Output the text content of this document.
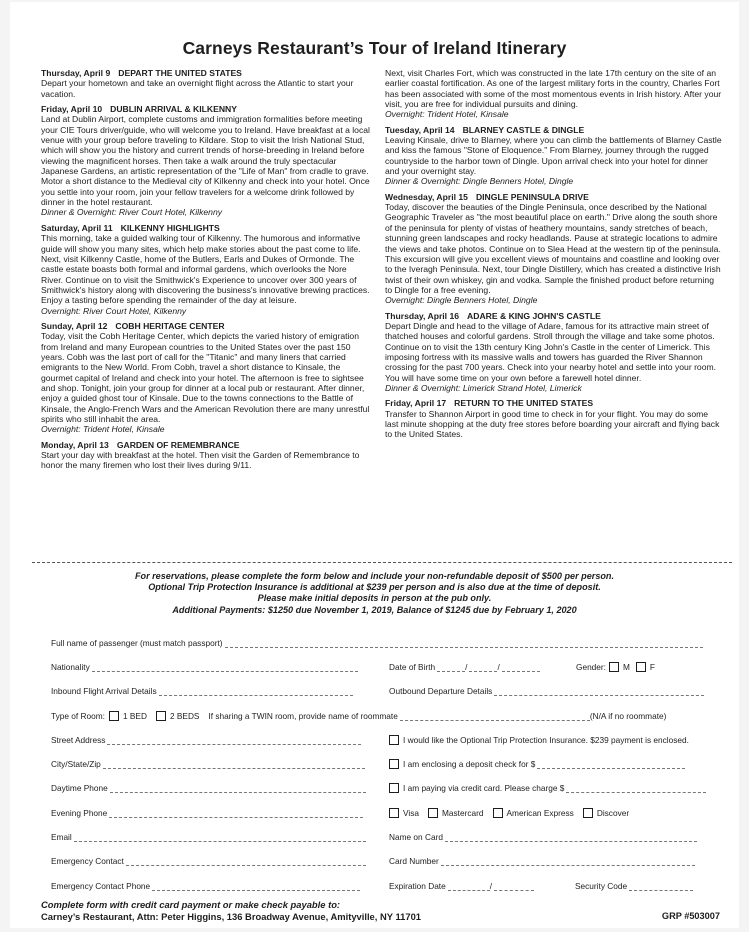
Carneys Restaurant’s Tour of Ireland Itinerary
Thursday, April 9 DEPART THE UNITED STATES

Depart your hometown and take an overnight flight across the Atlantic to start your vacation.

Friday, April 10 DUBLIN ARRIVAL & KILKENNY

Land at Dublin Airport, complete customs and immigration formalities before meeting your CIE Tours driver/guide, who will welcome you to Ireland. Have breakfast at a local venue with your group before traveling to Kildare. Stop to visit the Irish National Stud, which will show you the history and current trends of horse-breeding in Ireland before viewing the magnificent horses. Then take a walk around the truly spectacular Japanese Gardens, an artistic representation of the "Life of Man" from cradle to grave. Motor a short distance to the Medieval city of Kilkenny and check into your hotel. Once you settle into your room, join your fellow travelers for a welcome drink followed by dinner in the hotel restaurant.

Dinner & Overnight: River Court Hotel, Kilkenny
Saturday, April 11 KILKENNY HIGHLIGHTS

This morning, take a guided walking tour of Kilkenny. The humorous and informative guide will show you many sites, which help make stories about the past come to life. Next, visit Kilkenny Castle, home of the Butlers, Earls and Dukes of Ormonde. The castle estate boasts both formal and informal gardens, which overlooks the Nore River. Continue on to visit the Smithwick's Experience to uncover over 300 years of Smithwick's history along with discovering the business's innovative brewing practices. Enjoy a tasting before spending the remainder of the day at leisure.

Overnight: River Court Hotel, Kilkenny
Sunday, April 12 COBH HERITAGE CENTER

Today, visit the Cobh Heritage Center, which depicts the varied history of emigration from Ireland and many European countries to the United States over the past 150 years. Cobh was the last port of call for the "Titanic" and many liners that carried emigrants to the New World. From Cobh, travel a short distance to Kinsale, the gourmet capital of Ireland and check into your hotel. The afternoon is free to sightsee and shop. Tonight, join your group for dinner at a local pub or restaurant. After dinner, enjoy a guided ghost tour of Kinsale. Due to the towns connections to the Battle of Kinsale, the Anglo-French Wars and the American Revolution there are many unrestful spirits who still inhabit the area.

Overnight: Trident Hotel, Kinsale
Monday, April 13 GARDEN OF REMEMBRANCE

Start your day with breakfast at the hotel. Then visit the Garden of Remembrance to honor the many firemen who lost their lives during 9/11.

Next, visit Charles Fort, which was constructed in the late 17th century on the site of an earlier coastal fortification. As one of the largest military forts in the country, Charles Fort has been associated with some of the most momentous events in Irish history. After your visit, you are free for individual pursuits and dining.

Overnight: Trident Hotel, Kinsale
Tuesday, April 14 BLARNEY CASTLE & DINGLE

Leaving Kinsale, drive to Blarney, where you can climb the battlements of Blarney Castle and kiss the famous "Stone of Eloquence." From Blarney, journey through the rugged countryside to the harbor town of Dingle. Upon arrival check into your hotel for dinner and your overnight stay.

Dinner & Overnight: Dingle Benners Hotel, Dingle
Wednesday, April 15 DINGLE PENINSULA DRIVE

Today, discover the beauties of the Dingle Peninsula, once described by the National Geographic Traveler as "the most beautiful place on earth." Drive along the south shore of the peninsula for plenty of vistas of heathery mountains, sandy stretches of beach, stunning green landscapes and rocky headlands. Pause at strategic locations to admire the views and take photos. Continue on to Slea Head at the western tip of the peninsula. This excursion will give you excellent views of mountains and coastline and looking over to the Iveragh Peninsula. Next, tour Dingle Distillery, which has created a distinctive Irish twist of their own whiskey, gin and vodka. Sample the finished product before returning to Dingle for a free evening.

Overnight: Dingle Benners Hotel, Dingle
Thursday, April 16 ADARE & KING JOHN'S CASTLE

Depart Dingle and head to the village of Adare, famous for its attractive main street of thatched houses and colorful gardens. Stroll through the village and take some photos. Continue on to visit the 13th century King John's Castle in the center of Limerick. This imposing fortress with its massive walls and towers has guarded the River Shannon crossing for the past 700 years. Check into your nearby hotel and settle into your room. You will have some time on your own before a farewell hotel dinner.

Dinner & Overnight: Limerick Strand Hotel, Limerick
Friday, April 17 RETURN TO THE UNITED STATES

Transfer to Shannon Airport in good time to check in for your flight. You may do some last minute shopping at the duty free stores before boarding your aircraft and flying back to the United States.

For reservations, please complete the form below and include your non-refundable deposit of $500 per person.
Optional Trip Protection Insurance is additional at $239 per person and is also due at the time of deposit.
Please make initial deposits in person at the pub only.
Additional Payments: $1250 due November 1, 2019, Balance of $1245 due by February 1, 2020
Full name of passenger (must match passport)
Nationality	Date of Birth	/	/	Gender: M F
Inbound Flight Arrival Details	Outbound Departure Details
Type of Room: 1 BED	2 BEDS If sharing a TWIN room, provide name of roommate	(N/A if no roommate)
Street Address	I would like the Optional Trip Protection Insurance. $239 payment is enclosed.
City/State/Zip	I am enclosing a deposit check for $
Daytime Phone	I am paying via credit card. Please charge $
Evening Phone	Visa	Mastercard	American Express	Discover
Email	Name on Card
Emergency Contact	Card Number
Emergency Contact Phone	Expiration Date	/	Security Code
Complete form with credit card payment or make check payable to:
Carney’s Restaurant, Attn: Peter Higgins, 136 Broadway Avenue, Amityville, NY 11701	GRP #503007
